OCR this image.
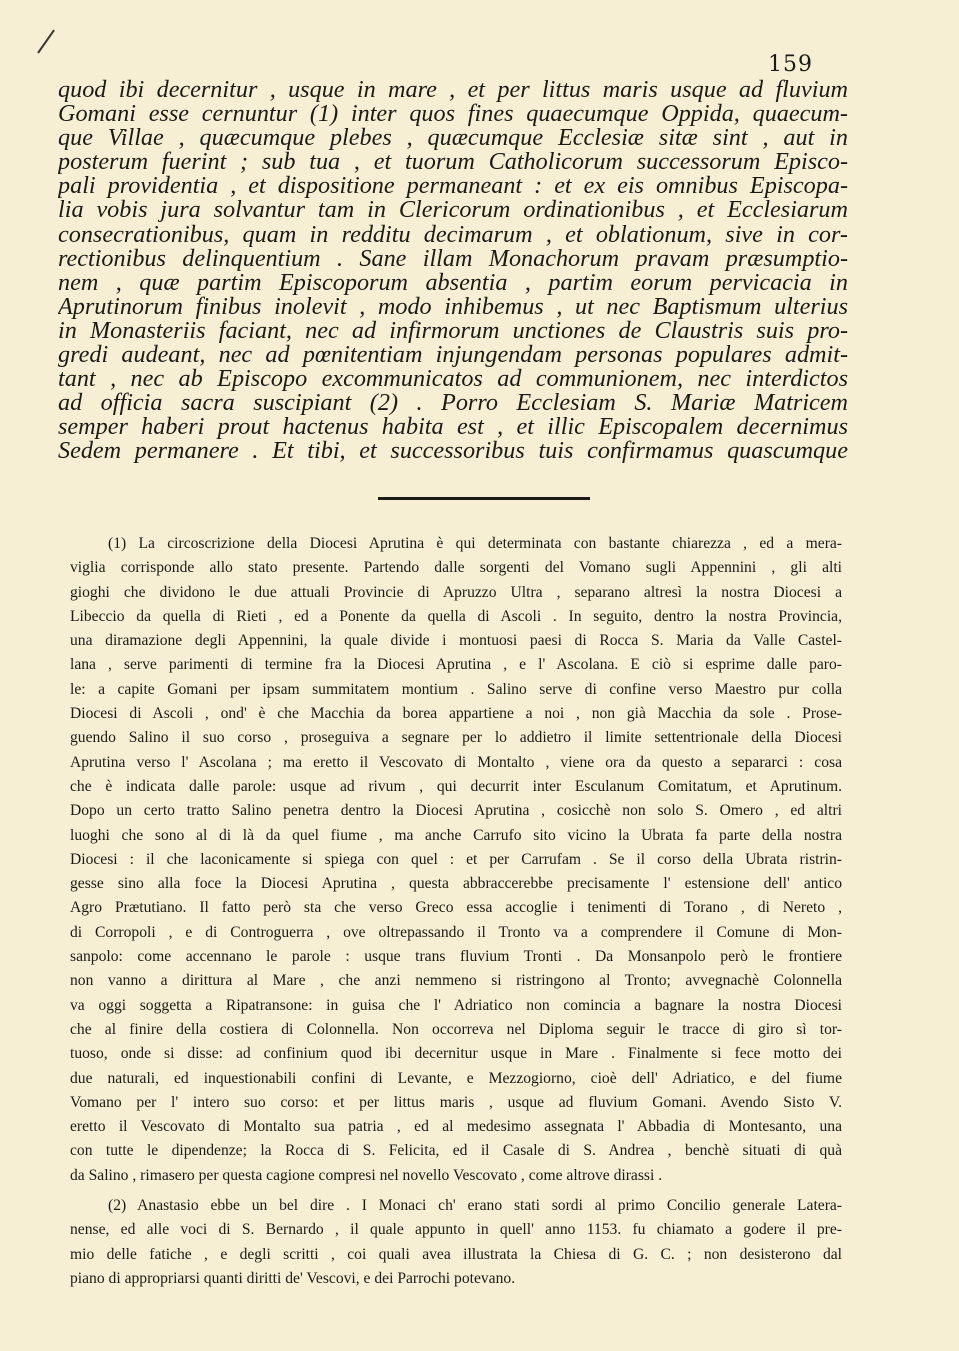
159
quod ibi decernitur , usque in mare , et per littus maris usque ad fluvium
Gomani esse cernuntur (1) inter quos fines quaecumque Oppida, quaecum-
que Villae , quæcumque plebes , quæcumque Ecclesiæ sitæ sint , aut in
posterum fuerint ; sub tua , et tuorum Catholicorum successorum Episco-
pali providentia , et dispositione permaneant : et ex eis omnibus Episcopa-
lia vobis jura solvantur tam in Clericorum ordinationibus , et Ecclesiarum
consecrationibus, quam in redditu decimarum , et oblationum, sive in cor-
rectionibus delinquentium . Sane illam Monachorum pravam præsumptio-
nem , quæ partim Episcoporum absentia , partim eorum pervicacia in
Aprutinorum finibus inolevit , modo inhibemus , ut nec Baptismum ulterius
in Monasteriis faciant, nec ad infirmorum unctiones de Claustris suis pro-
gredi audeant, nec ad pœnitentiam injungendam personas populares admit-
tant , nec ab Episcopo excommunicatos ad communionem, nec interdictos
ad officia sacra suscipiant (2) . Porro Ecclesiam S. Mariæ Matricem
semper haberi prout hactenus habita est , et illic Episcopalem decernimus
Sedem permanere . Et tibi, et successoribus tuis confirmamus quascumque
(1) La circoscrizione della Diocesi Aprutina è qui determinata con bastante chiarezza , ed a mera-
viglia corrisponde allo stato presente. Partendo dalle sorgenti del Vomano sugli Appennini , gli alti
gioghi che dividono le due attuali Provincie di Apruzzo Ultra , separano altresì la nostra Diocesi a
Libeccio da quella di Rieti , ed a Ponente da quella di Ascoli . In seguito, dentro la nostra Provincia,
una diramazione degli Appennini, la quale divide i montuosi paesi di Rocca S. Maria da Valle Castel-
lana , serve parimenti di termine fra la Diocesi Aprutina , e l' Ascolana. E ciò si esprime dalle paro-
le: a capite Gomani per ipsam summitatem montium . Salino serve di confine verso Maestro pur colla
Diocesi di Ascoli , ond' è che Macchia da borea appartiene a noi , non già Macchia da sole . Prose-
guendo Salino il suo corso , proseguiva a segnare per lo addietro il limite settentrionale della Diocesi
Aprutina verso l' Ascolana ; ma eretto il Vescovato di Montalto , viene ora da questo a separarci : cosa
che è indicata dalle parole: usque ad rivum , qui decurrit inter Esculanum Comitatum, et Aprutinum.
Dopo un certo tratto Salino penetra dentro la Diocesi Aprutina , cosicchè non solo S. Omero , ed altri
luoghi che sono al di là da quel fiume , ma anche Carrufo sito vicino la Ubrata fa parte della nostra
Diocesi : il che laconicamente si spiega con quel : et per Carrufam . Se il corso della Ubrata ristrin-
gesse sino alla foce la Diocesi Aprutina , questa abbraccerebbe precisamente l' estensione dell' antico
Agro Prætutiano. Il fatto però sta che verso Greco essa accoglie i tenimenti di Torano , di Nereto ,
di Corropoli , e di Controguerra , ove oltrepassando il Tronto va a comprendere il Comune di Mon-
sanpolo: come accennano le parole : usque trans fluvium Tronti . Da Monsanpolo però le frontiere
non vanno a dirittura al Mare , che anzi nemmeno si ristringono al Tronto; avvegnachè Colonnella
va oggi soggetta a Ripatransone: in guisa che l' Adriatico non comincia a bagnare la nostra Diocesi
che al finire della costiera di Colonnella. Non occorreva nel Diploma seguir le tracce di giro sì tor-
tuoso, onde si disse: ad confinium quod ibi decernitur usque in Mare . Finalmente si fece motto dei
due naturali, ed inquestionabili confini di Levante, e Mezzogiorno, cioè dell' Adriatico, e del fiume
Vomano per l' intero suo corso: et per littus maris , usque ad fluvium Gomani. Avendo Sisto V.
eretto il Vescovato di Montalto sua patria , ed al medesimo assegnata l' Abbadia di Montesanto, una
con tutte le dipendenze; la Rocca di S. Felicita, ed il Casale di S. Andrea , benchè situati di quà
da Salino , rimasero per questa cagione compresi nel novello Vescovato , come altrove dirassi .
(2) Anastasio ebbe un bel dire . I Monaci ch' erano stati sordi al primo Concilio generale Latera-
nense, ed alle voci di S. Bernardo , il quale appunto in quell' anno 1153. fu chiamato a godere il pre-
mio delle fatiche , e degli scritti , coi quali avea illustrata la Chiesa di G. C. ; non desisterono dal
piano di appropriarsi quanti diritti de' Vescovi, e dei Parrochi potevano.
